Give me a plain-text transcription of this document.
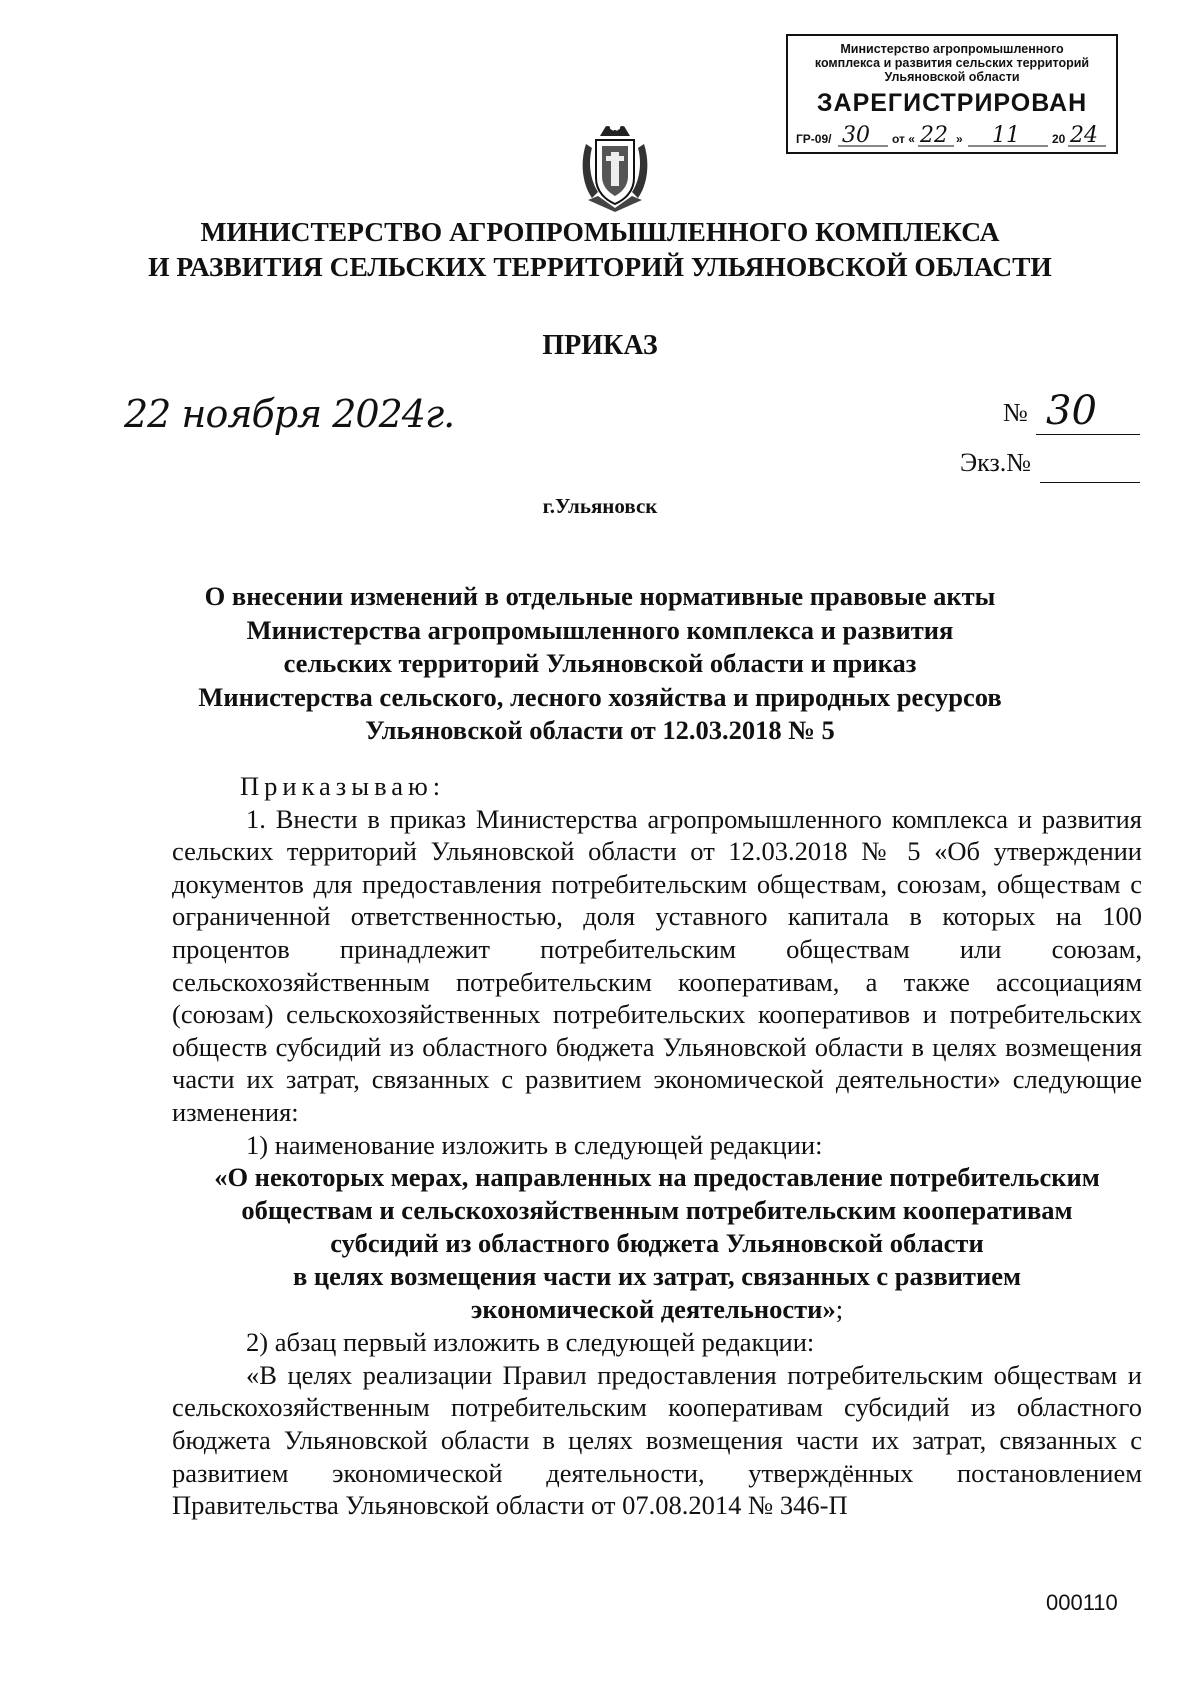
Министерство агропромышленного
комплекса и развития сельских территорий
Ульяновской области
ЗАРЕГИСТРИРОВАН
ГР-09/ 30 от « 22 » 11	20 24
МИНИСТЕРСТВО АГРОПРОМЫШЛЕННОГО КОМПЛЕКСА
И РАЗВИТИЯ СЕЛЬСКИХ ТЕРРИТОРИЙ УЛЬЯНОВСКОЙ ОБЛАСТИ
ПРИКАЗ
22 ноября 2024г.	№ 30
Экз.№
г.Ульяновск
О внесении изменений в отдельные нормативные правовые акты
Министерства агропромышленного комплекса и развития
сельских территорий Ульяновской области и приказ
Министерства сельского, лесного хозяйства и природных ресурсов
Ульяновской области от 12.03.2018 № 5
Приказываю:
1. Внести в приказ Министерства агропромышленного комплекса и развития сельских территорий Ульяновской области от 12.03.2018 № 5 «Об утверждении документов для предоставления потребительским обществам, союзам, обществам с ограниченной ответственностью, доля уставного капитала в которых на 100 процентов принадлежит потребительским обществам или союзам, сельскохозяйственным потребительским кооперативам, а также ассоциациям (союзам) сельскохозяйственных потребительских кооперативов и потребительских обществ субсидий из областного бюджета Ульяновской области в целях возмещения части их затрат, связанных с развитием экономической деятельности» следующие изменения:
1) наименование изложить в следующей редакции:
«О некоторых мерах, направленных на предоставление потребительским
обществам и сельскохозяйственным потребительским кооперативам
субсидий из областного бюджета Ульяновской области
в целях возмещения части их затрат, связанных с развитием
экономической деятельности»;
2) абзац первый изложить в следующей редакции:
«В целях реализации Правил предоставления потребительским обществам и сельскохозяйственным потребительским кооперативам субсидий из областного бюджета Ульяновской области в целях возмещения части их затрат, связанных с развитием экономической деятельности, утверждённых постановлением Правительства Ульяновской области от 07.08.2014 № 346-П
000110
